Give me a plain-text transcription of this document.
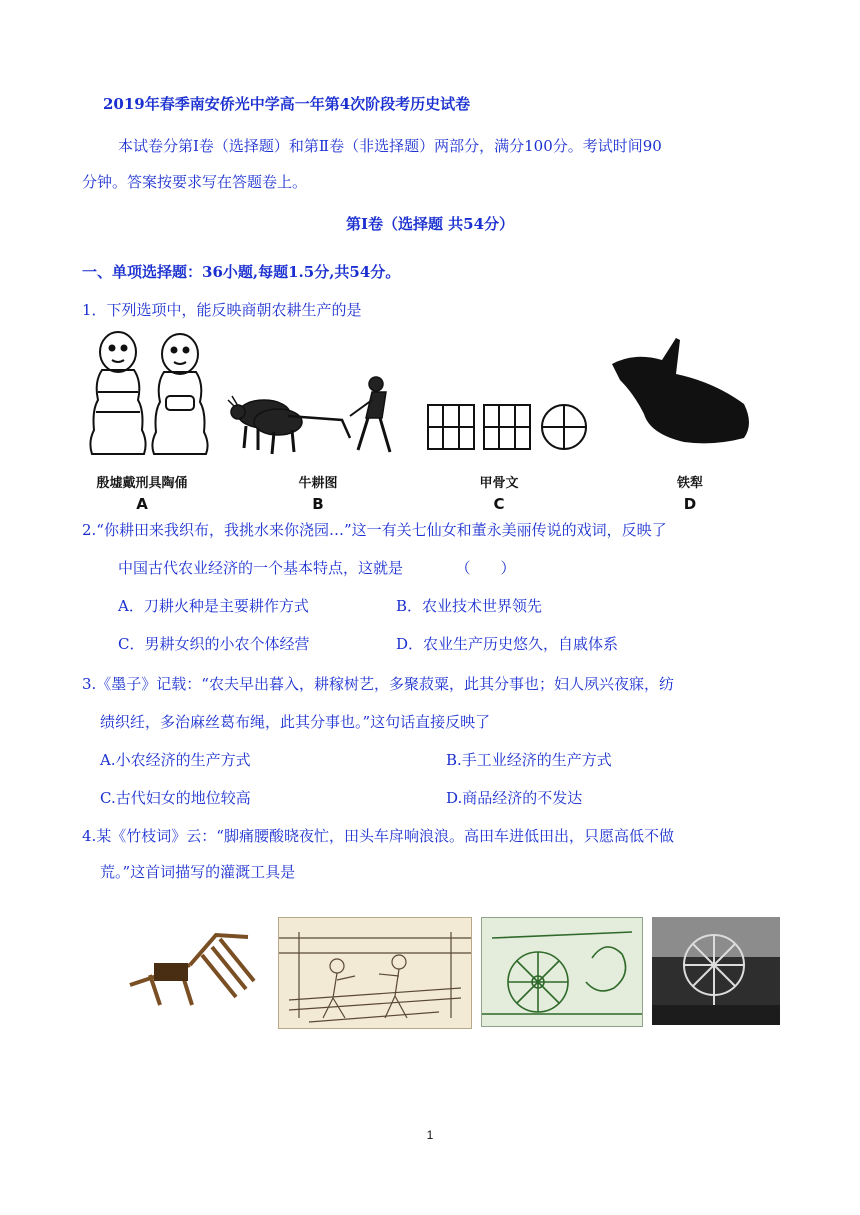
2019年春季南安侨光中学高一年第4次阶段考历史试卷
本试卷分第Ⅰ卷（选择题）和第Ⅱ卷（非选择题）两部分，满分100分。考试时间90
分钟。答案按要求写在答题卷上。
第Ⅰ卷（选择题 共54分）
一、单项选择题：36小题,每题1.5分,共54分。
1．下列选项中，能反映商朝农耕生产的是
殷墟戴刑具陶俑
A
牛耕图
B
甲骨文
C
铁犁
D
2.“你耕田来我织布，我挑水来你浇园…”这一有关七仙女和董永美丽传说的戏词，反映了
中国古代农业经济的一个基本特点，这就是　　　　（　　）
A．刀耕火种是主要耕作方式	B．农业技术世界领先
C．男耕女织的小农个体经营	D．农业生产历史悠久，自戚体系
3.《墨子》记载：“农夫早出暮入，耕稼树艺，多聚菽粟，此其分事也；妇人夙兴夜寐，纺
绩织纴，多治麻丝葛布绳，此其分事也。”这句话直接反映了
A.小农经济的生产方式	B.手工业经济的生产方式
C.古代妇女的地位较高	D.商品经济的不发达
4.某《竹枝词》云：“脚痛腰酸晓夜忙，田头车戽响浪浪。高田车进低田出，只愿高低不做
荒。”这首词描写的灌溉工具是
1
